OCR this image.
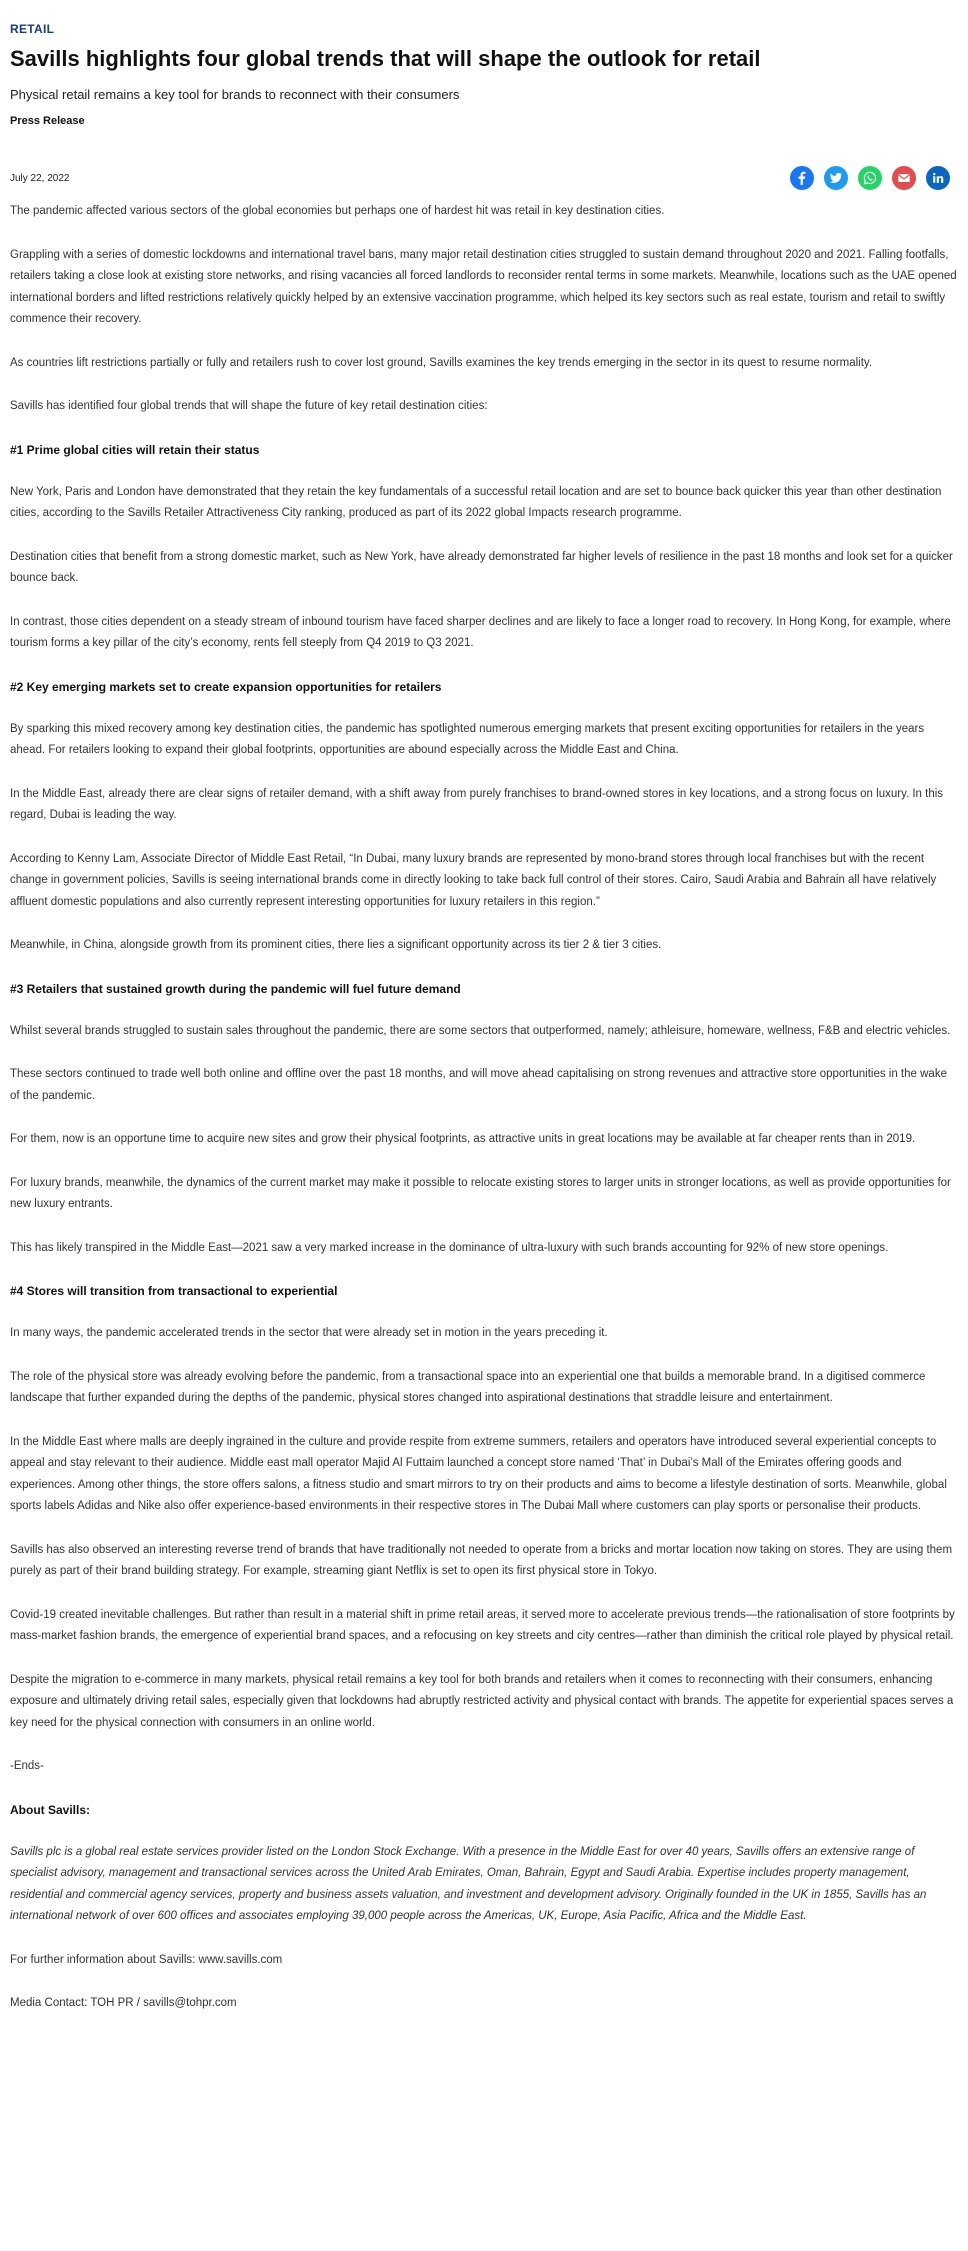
RETAIL
Savills highlights four global trends that will shape the outlook for retail
Physical retail remains a key tool for brands to reconnect with their consumers
Press Release
July 22, 2022

The pandemic affected various sectors of the global economies but perhaps one of hardest hit was retail in key destination cities.

Grappling with a series of domestic lockdowns and international travel bans, many major retail destination cities struggled to sustain demand throughout 2020 and 2021. Falling footfalls, retailers taking a close look at existing store networks, and rising vacancies all forced landlords to reconsider rental terms in some markets. Meanwhile, locations such as the UAE opened international borders and lifted restrictions relatively quickly helped by an extensive vaccination programme, which helped its key sectors such as real estate, tourism and retail to swiftly commence their recovery.

As countries lift restrictions partially or fully and retailers rush to cover lost ground, Savills examines the key trends emerging in the sector in its quest to resume normality.

Savills has identified four global trends that will shape the future of key retail destination cities:

#1 Prime global cities will retain their status

New York, Paris and London have demonstrated that they retain the key fundamentals of a successful retail location and are set to bounce back quicker this year than other destination cities, according to the Savills Retailer Attractiveness City ranking, produced as part of its 2022 global Impacts research programme.

Destination cities that benefit from a strong domestic market, such as New York, have already demonstrated far higher levels of resilience in the past 18 months and look set for a quicker bounce back.

In contrast, those cities dependent on a steady stream of inbound tourism have faced sharper declines and are likely to face a longer road to recovery. In Hong Kong, for example, where tourism forms a key pillar of the city’s economy, rents fell steeply from Q4 2019 to Q3 2021.

#2 Key emerging markets set to create expansion opportunities for retailers

By sparking this mixed recovery among key destination cities, the pandemic has spotlighted numerous emerging markets that present exciting opportunities for retailers in the years ahead. For retailers looking to expand their global footprints, opportunities are abound especially across the Middle East and China.

In the Middle East, already there are clear signs of retailer demand, with a shift away from purely franchises to brand-owned stores in key locations, and a strong focus on luxury. In this regard, Dubai is leading the way.

According to Kenny Lam, Associate Director of Middle East Retail, “In Dubai, many luxury brands are represented by mono-brand stores through local franchises but with the recent change in government policies, Savills is seeing international brands come in directly looking to take back full control of their stores. Cairo, Saudi Arabia and Bahrain all have relatively affluent domestic populations and also currently represent interesting opportunities for luxury retailers in this region.”

Meanwhile, in China, alongside growth from its prominent cities, there lies a significant opportunity across its tier 2 & tier 3 cities.

#3 Retailers that sustained growth during the pandemic will fuel future demand

Whilst several brands struggled to sustain sales throughout the pandemic, there are some sectors that outperformed, namely; athleisure, homeware, wellness, F&B and electric vehicles.

These sectors continued to trade well both online and offline over the past 18 months, and will move ahead capitalising on strong revenues and attractive store opportunities in the wake of the pandemic.

For them, now is an opportune time to acquire new sites and grow their physical footprints, as attractive units in great locations may be available at far cheaper rents than in 2019.

For luxury brands, meanwhile, the dynamics of the current market may make it possible to relocate existing stores to larger units in stronger locations, as well as provide opportunities for new luxury entrants.

This has likely transpired in the Middle East—2021 saw a very marked increase in the dominance of ultra-luxury with such brands accounting for 92% of new store openings.

#4 Stores will transition from transactional to experiential

In many ways, the pandemic accelerated trends in the sector that were already set in motion in the years preceding it.

The role of the physical store was already evolving before the pandemic, from a transactional space into an experiential one that builds a memorable brand. In a digitised commerce landscape that further expanded during the depths of the pandemic, physical stores changed into aspirational destinations that straddle leisure and entertainment.

In the Middle East where malls are deeply ingrained in the culture and provide respite from extreme summers, retailers and operators have introduced several experiential concepts to appeal and stay relevant to their audience. Middle east mall operator Majid Al Futtaim launched a concept store named ‘That’ in Dubai’s Mall of the Emirates offering goods and experiences. Among other things, the store offers salons, a fitness studio and smart mirrors to try on their products and aims to become a lifestyle destination of sorts. Meanwhile, global sports labels Adidas and Nike also offer experience-based environments in their respective stores in The Dubai Mall where customers can play sports or personalise their products.

Savills has also observed an interesting reverse trend of brands that have traditionally not needed to operate from a bricks and mortar location now taking on stores. They are using them purely as part of their brand building strategy. For example, streaming giant Netflix is set to open its first physical store in Tokyo.

Covid-19 created inevitable challenges. But rather than result in a material shift in prime retail areas, it served more to accelerate previous trends—the rationalisation of store footprints by mass-market fashion brands, the emergence of experiential brand spaces, and a refocusing on key streets and city centres—rather than diminish the critical role played by physical retail.

Despite the migration to e-commerce in many markets, physical retail remains a key tool for both brands and retailers when it comes to reconnecting with their consumers, enhancing exposure and ultimately driving retail sales, especially given that lockdowns had abruptly restricted activity and physical contact with brands. The appetite for experiential spaces serves a key need for the physical connection with consumers in an online world.

-Ends-

About Savills:

Savills plc is a global real estate services provider listed on the London Stock Exchange. With a presence in the Middle East for over 40 years, Savills offers an extensive range of specialist advisory, management and transactional services across the United Arab Emirates, Oman, Bahrain, Egypt and Saudi Arabia. Expertise includes property management, residential and commercial agency services, property and business assets valuation, and investment and development advisory. Originally founded in the UK in 1855, Savills has an international network of over 600 offices and associates employing 39,000 people across the Americas, UK, Europe, Asia Pacific, Africa and the Middle East.

For further information about Savills: www.savills.com

Media Contact: TOH PR / savills@tohpr.com
